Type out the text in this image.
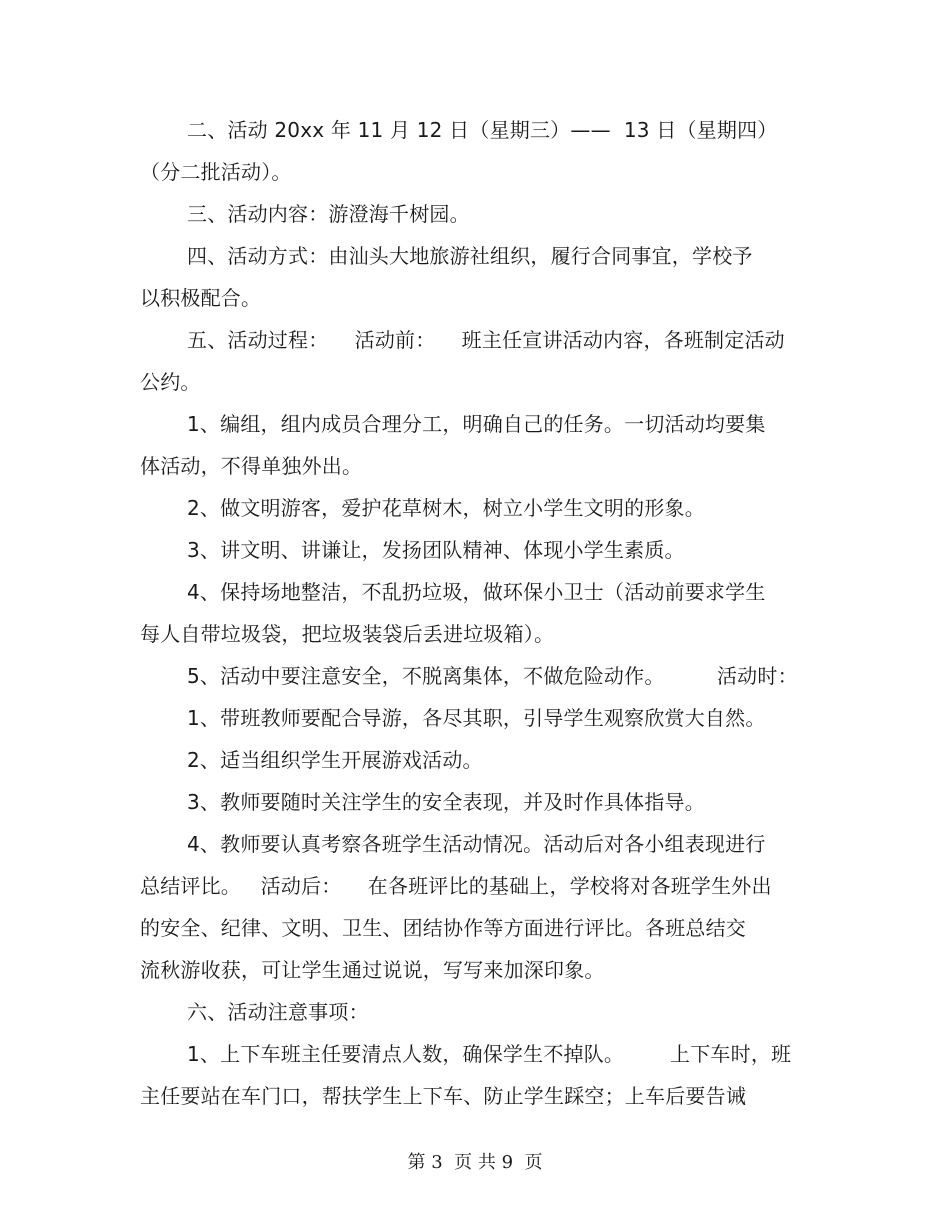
二、活动 20xx 年 11 月 12 日（星期三）——  13 日（星期四）
（分二批活动）。
三、活动内容：游澄海千树园。
四、活动方式：由汕头大地旅游社组织，履行合同事宜，学校予
以积极配合。
五、活动过程：    活动前：    班主任宣讲活动内容，各班制定活动
公约。
1、编组，组内成员合理分工，明确自己的任务。一切活动均要集
体活动，不得单独外出。
2、做文明游客，爱护花草树木，树立小学生文明的形象。
3、讲文明、讲谦让，发扬团队精神、体现小学生素质。
4、保持场地整洁，不乱扔垃圾，做环保小卫士（活动前要求学生
每人自带垃圾袋，把垃圾装袋后丢进垃圾箱）。
5、活动中要注意安全，不脱离集体，不做危险动作。        活动时：
1、带班教师要配合导游，各尽其职，引导学生观察欣赏大自然。
2、适当组织学生开展游戏活动。
3、教师要随时关注学生的安全表现，并及时作具体指导。
4、教师要认真考察各班学生活动情况。活动后对各小组表现进行
总结评比。   活动后：    在各班评比的基础上，学校将对各班学生外出
的安全、纪律、文明、卫生、团结协作等方面进行评比。各班总结交
流秋游收获，可让学生通过说说，写写来加深印象。
六、活动注意事项：
1、上下车班主任要清点人数，确保学生不掉队。       上下车时，班
主任要站在车门口，帮扶学生上下车、防止学生踩空；上车后要告诫
第 3  页 共 9  页
